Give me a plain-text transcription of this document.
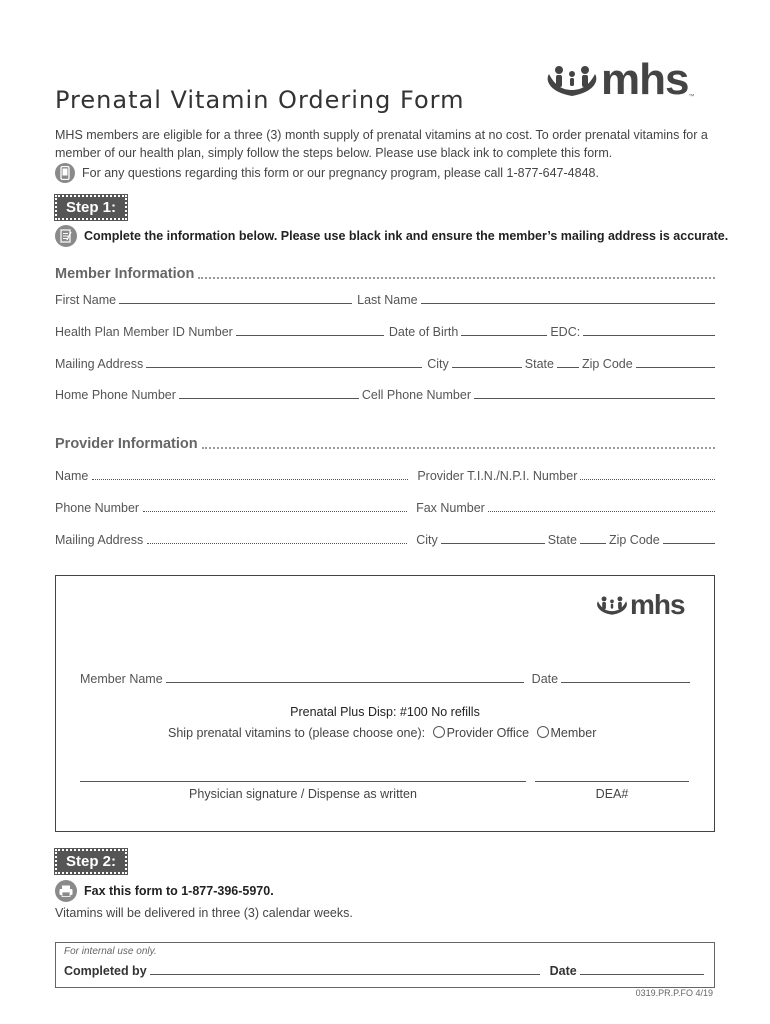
Prenatal Vitamin Ordering Form	mhs ™
MHS members are eligible for a three (3) month supply of prenatal vitamins at no cost. To order prenatal vitamins for a member of our health plan, simply follow the steps below. Please use black ink to complete this form.
For any questions regarding this form or our pregnancy program, please call 1-877-647-4848.
Step 1:
Complete the information below. Please use black ink and ensure the member’s mailing address is accurate.
Member Information
First Name	Last Name
Health Plan Member ID Number	Date of Birth	EDC:
Mailing Address	City	State Zip Code
Home Phone Number	Cell Phone Number
Provider Information
Name	Provider T.I.N./N.P.I. Number
Phone Number	Fax Number
Mailing Address	City	State	Zip Code
mhs
Member Name	Date
Prenatal Plus Disp: #100 No refills
Ship prenatal vitamins to (please choose one): Provider Office Member
Physician signature / Dispense as written	DEA#
Step 2:
Fax this form to 1-877-396-5970.
Vitamins will be delivered in three (3) calendar weeks.
For internal use only.
Completed by	Date
0319.PR.P.FO 4/19
